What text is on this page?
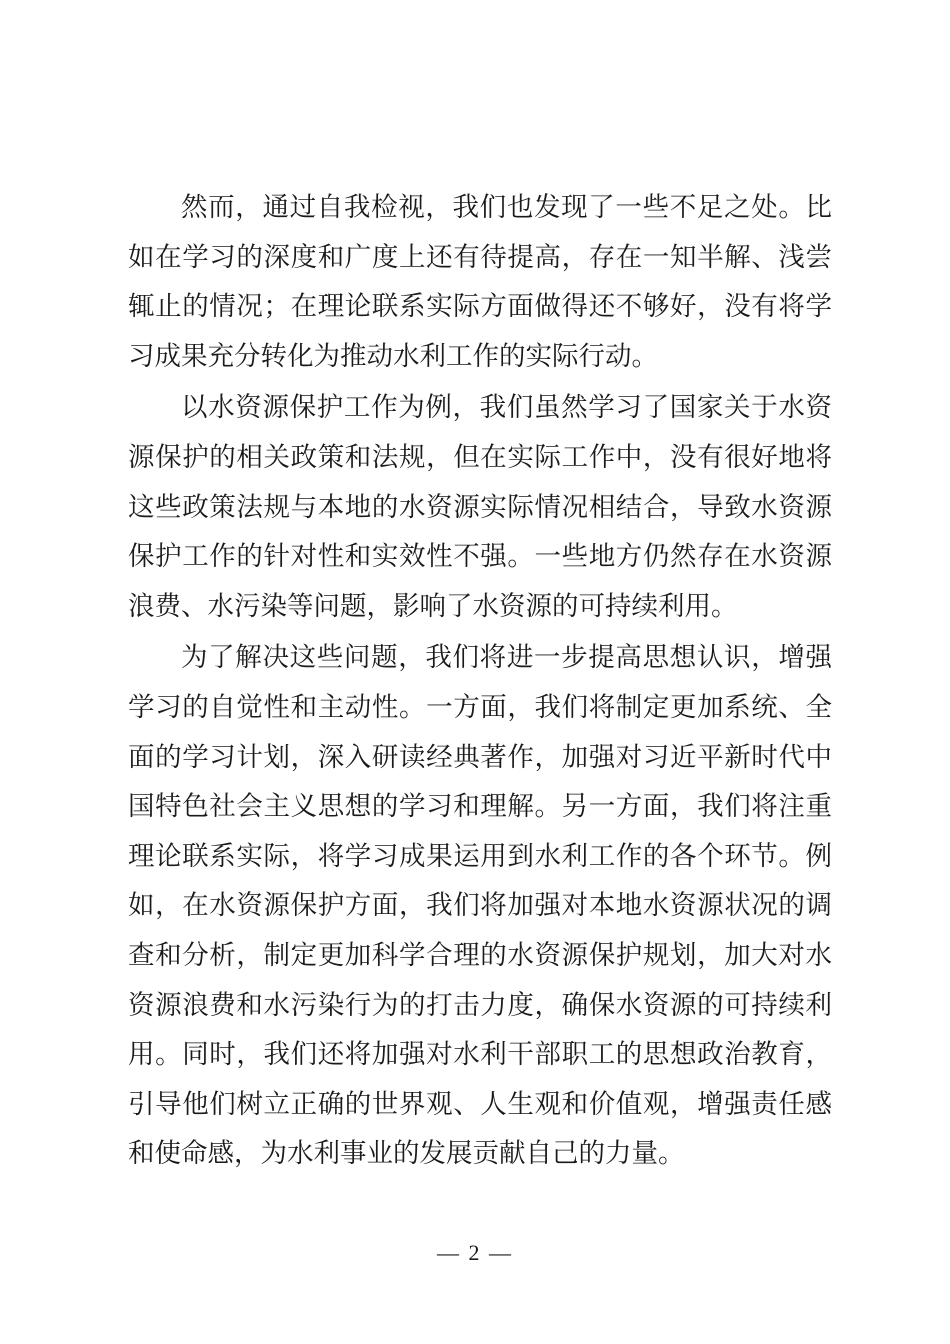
然而，通过自我检视，我们也发现了一些不足之处。比如在学习的深度和广度上还有待提高，存在一知半解、浅尝辄止的情况；在理论联系实际方面做得还不够好，没有将学习成果充分转化为推动水利工作的实际行动。

以水资源保护工作为例，我们虽然学习了国家关于水资源保护的相关政策和法规，但在实际工作中，没有很好地将这些政策法规与本地的水资源实际情况相结合，导致水资源保护工作的针对性和实效性不强。一些地方仍然存在水资源浪费、水污染等问题，影响了水资源的可持续利用。

为了解决这些问题，我们将进一步提高思想认识，增强学习的自觉性和主动性。一方面，我们将制定更加系统、全面的学习计划，深入研读经典著作，加强对习近平新时代中国特色社会主义思想的学习和理解。另一方面，我们将注重理论联系实际，将学习成果运用到水利工作的各个环节。例如，在水资源保护方面，我们将加强对本地水资源状况的调查和分析，制定更加科学合理的水资源保护规划，加大对水资源浪费和水污染行为的打击力度，确保水资源的可持续利用。同时，我们还将加强对水利干部职工的思想政治教育，引导他们树立正确的世界观、人生观和价值观，增强责任感和使命感，为水利事业的发展贡献自己的力量。

— 2 —
